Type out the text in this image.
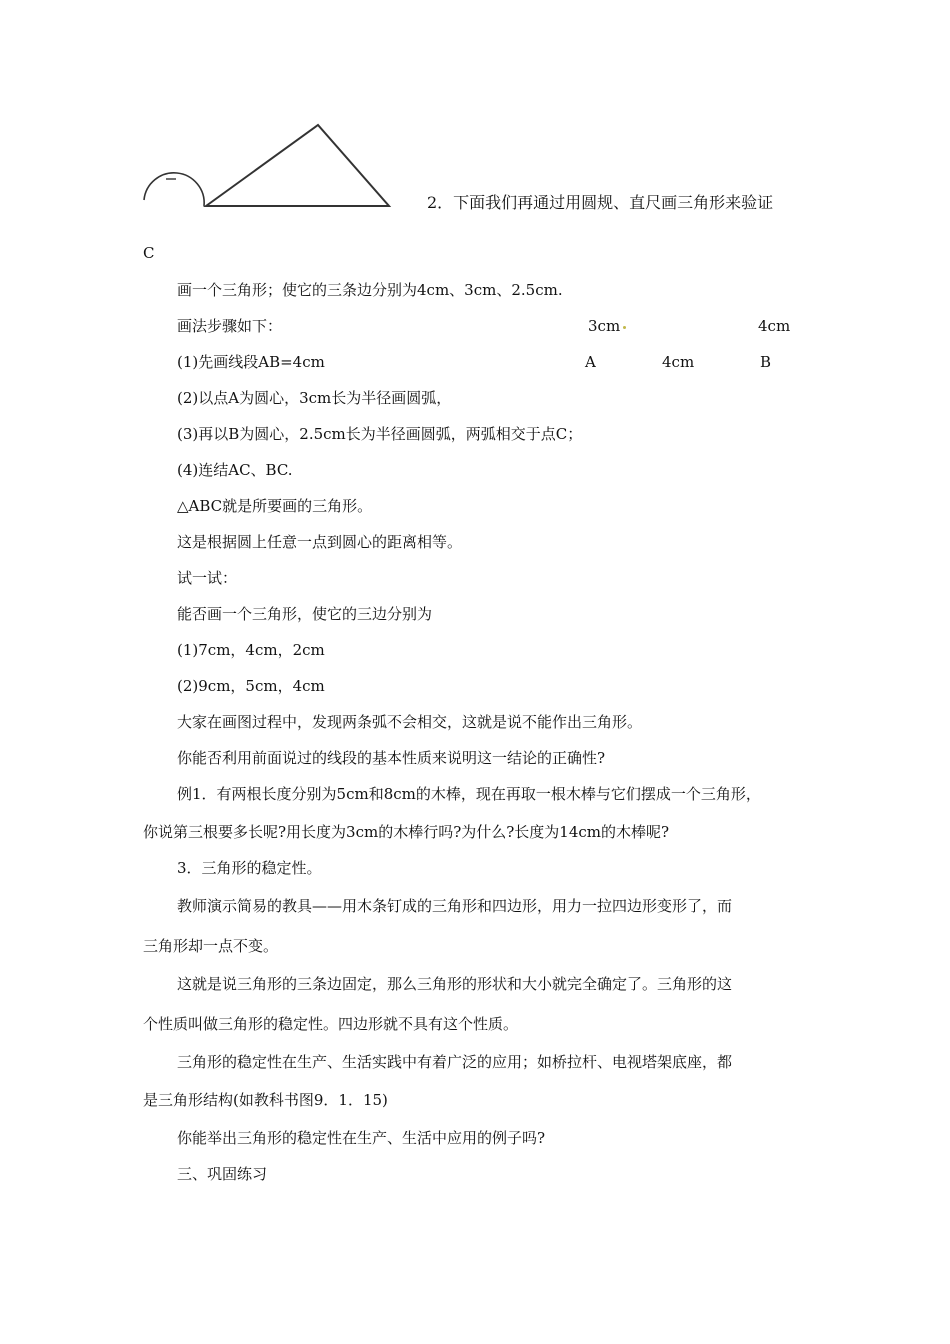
2．下面我们再通过用圆规、直尺画三角形来验证
C
画一个三角形；使它的三条边分别为4cm、3cm、2.5cm.
画法步骤如下：	3cm	4cm
(1)先画线段AB=4cm	A	4cm	B
(2)以点A为圆心，3cm长为半径画圆弧，
(3)再以B为圆心，2.5cm长为半径画圆弧，两弧相交于点C；
(4)连结AC、BC.
△ABC就是所要画的三角形。
这是根据圆上任意一点到圆心的距离相等。
试一试：
能否画一个三角形，使它的三边分别为
(1)7cm，4cm，2cm
(2)9cm，5cm，4cm
大家在画图过程中，发现两条弧不会相交，这就是说不能作出三角形。
你能否利用前面说过的线段的基本性质来说明这一结论的正确性?
例1．有两根长度分别为5cm和8cm的木棒，现在再取一根木棒与它们摆成一个三角形，
你说第三根要多长呢?用长度为3cm的木棒行吗?为什么?长度为14cm的木棒呢?
3．三角形的稳定性。
教师演示简易的教具——用木条钉成的三角形和四边形，用力一拉四边形变形了，而
三角形却一点不变。
这就是说三角形的三条边固定，那么三角形的形状和大小就完全确定了。三角形的这
个性质叫做三角形的稳定性。四边形就不具有这个性质。
三角形的稳定性在生产、生活实践中有着广泛的应用；如桥拉杆、电视塔架底座，都
是三角形结构(如教科书图9．1．15)
你能举出三角形的稳定性在生产、生活中应用的例子吗?
三、巩固练习
